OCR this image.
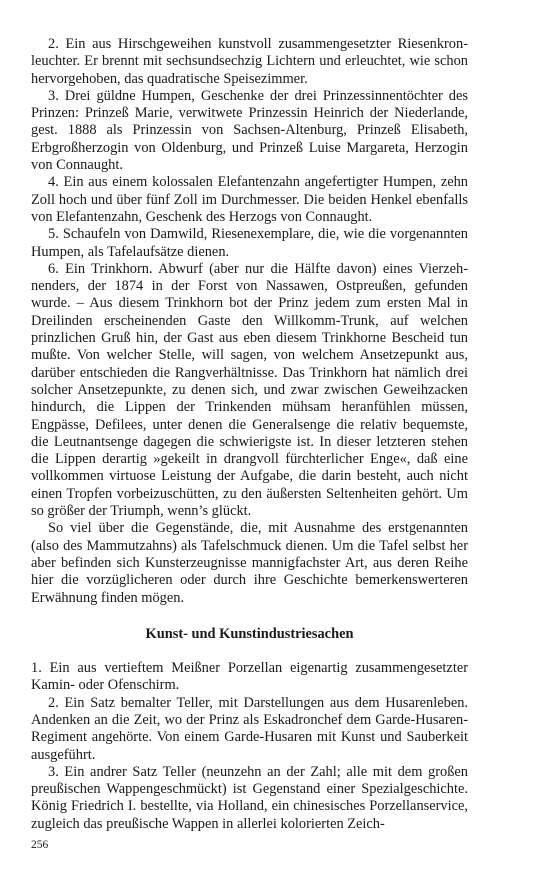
2. Ein aus Hirschgeweihen kunstvoll zusammengesetzter Riesenkronleuchter. Er brennt mit sechsundsechzig Lichtern und erleuchtet, wie schon hervorgehoben, das quadratische Speisezimmer.

3. Drei güldne Humpen, Geschenke der drei Prinzessinnentöchter des Prinzen: Prinzeß Marie, verwitwete Prinzessin Heinrich der Niederlande, gest. 1888 als Prinzessin von Sachsen-Altenburg, Prinzeß Elisabeth, Erbgroßherzogin von Oldenburg, und Prinzeß Luise Margareta, Herzogin von Connaught.

4. Ein aus einem kolossalen Elefantenzahn angefertigter Humpen, zehn Zoll hoch und über fünf Zoll im Durchmesser. Die beiden Henkel ebenfalls von Elefantenzahn, Geschenk des Herzogs von Connaught.

5. Schaufeln von Damwild, Riesenexemplare, die, wie die vorgenannten Humpen, als Tafelaufsätze dienen.

6. Ein Trinkhorn. Abwurf (aber nur die Hälfte davon) eines Vierzehnenders, der 1874 in der Forst von Nassawen, Ostpreußen, gefunden wurde. – Aus diesem Trinkhorn bot der Prinz jedem zum ersten Mal in Dreilinden erscheinenden Gaste den Willkomm-Trunk, auf welchen prinzlichen Gruß hin, der Gast aus eben diesem Trinkhorne Bescheid tun mußte. Von welcher Stelle, will sagen, von welchem Ansetzepunkt aus, darüber entschieden die Rangverhältnisse. Das Trinkhorn hat nämlich drei solcher Ansetzepunkte, zu denen sich, und zwar zwischen Geweihzacken hindurch, die Lippen der Trinkenden mühsam heranfühlen müssen, Engpässe, Defilees, unter denen die Generalsenge die relativ bequemste, die Leutnantsenge dagegen die schwierigste ist. In dieser letzteren stehen die Lippen derartig »gekeilt in drangvoll fürchterlicher Enge«, daß eine vollkommen virtuose Leistung der Aufgabe, die darin besteht, auch nicht einen Tropfen vorbeizuschütten, zu den äußersten Seltenheiten gehört. Um so größer der Triumph, wenn’s glückt.

So viel über die Gegenstände, die, mit Ausnahme des erstgenannten (also des Mammutzahns) als Tafelschmuck dienen. Um die Tafel selbst her aber befinden sich Kunsterzeugnisse mannigfachster Art, aus deren Reihe hier die vorzüglicheren oder durch ihre Geschichte bemerkenswerteren Erwähnung finden mögen.

Kunst- und Kunstindustriesachen

1. Ein aus vertieftem Meißner Porzellan eigenartig zusammengesetzter Kamin- oder Ofenschirm.

2. Ein Satz bemalter Teller, mit Darstellungen aus dem Husarenleben. Andenken an die Zeit, wo der Prinz als Eskadronchef dem Garde-Husaren-Regiment angehörte. Von einem Garde-Husaren mit Kunst und Sauberkeit ausgeführt.

3. Ein andrer Satz Teller (neunzehn an der Zahl; alle mit dem großen preußischen Wappengeschmückt) ist Gegenstand einer Spezialgeschichte. König Friedrich I. bestellte, via Holland, ein chinesisches Porzellanservice, zugleich das preußische Wappen in allerlei kolorierten Zeich-

256
